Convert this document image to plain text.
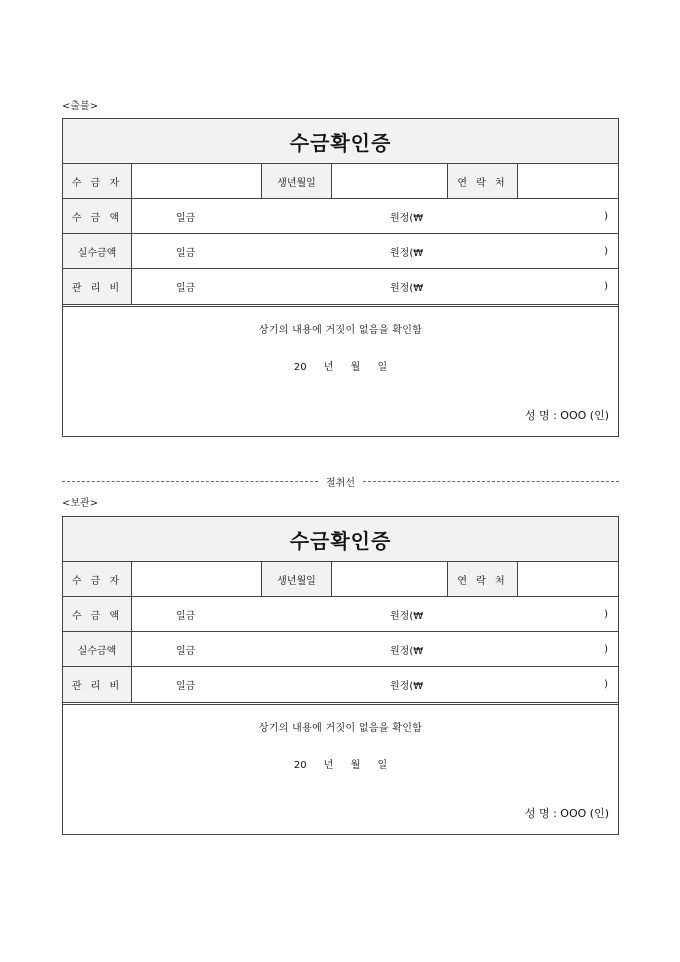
<출불>
수금확인증
수 금 자	생년월일	연 락 처
수 금 액	일금	원정(₩	)
실수금액	일금	원정(₩	)
관 리 비	일금	원정(₩	)
상기의 내용에 거짓이 없음을 확인함
20 년 월 일
성 명 : OOO (인)
절취선
<보관>
수금확인증
수 금 자	생년월일	연 락 처
수 금 액	일금	원정(₩	)
실수금액	일금	원정(₩	)
관 리 비	일금	원정(₩	)
상기의 내용에 거짓이 없음을 확인함
20 년 월 일
성 명 : OOO (인)
